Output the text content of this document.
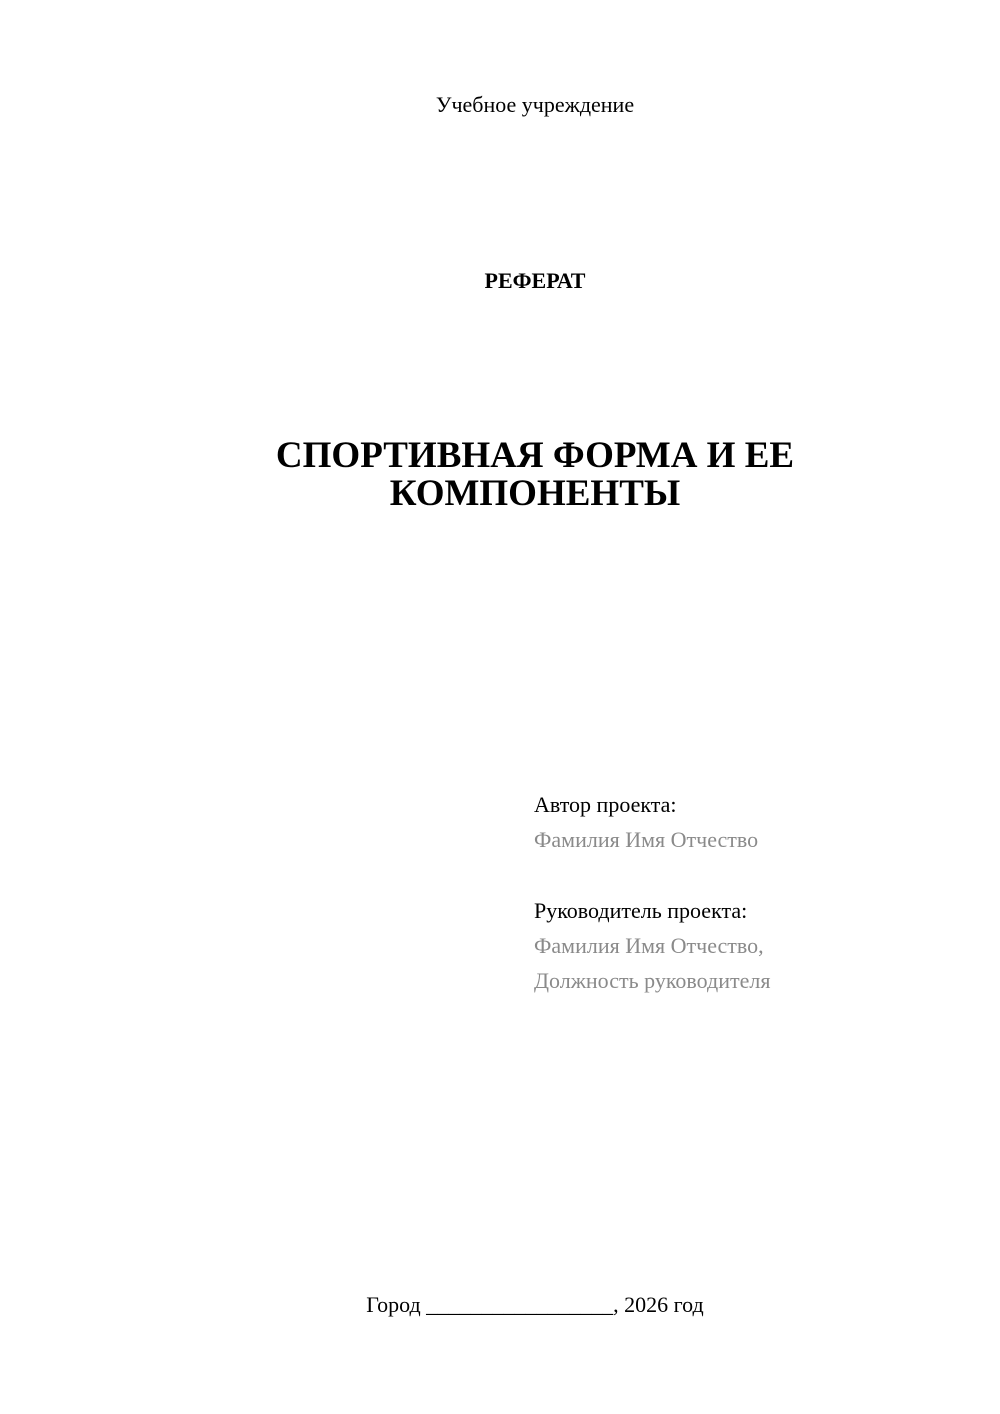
Учебное учреждение
РЕФЕРАТ
СПОРТИВНАЯ ФОРМА И ЕЕ
КОМПОНЕНТЫ
Автор проекта:
Фамилия Имя Отчество
Руководитель проекта:
Фамилия Имя Отчество,
Должность руководителя
Город _________________, 2026 год
